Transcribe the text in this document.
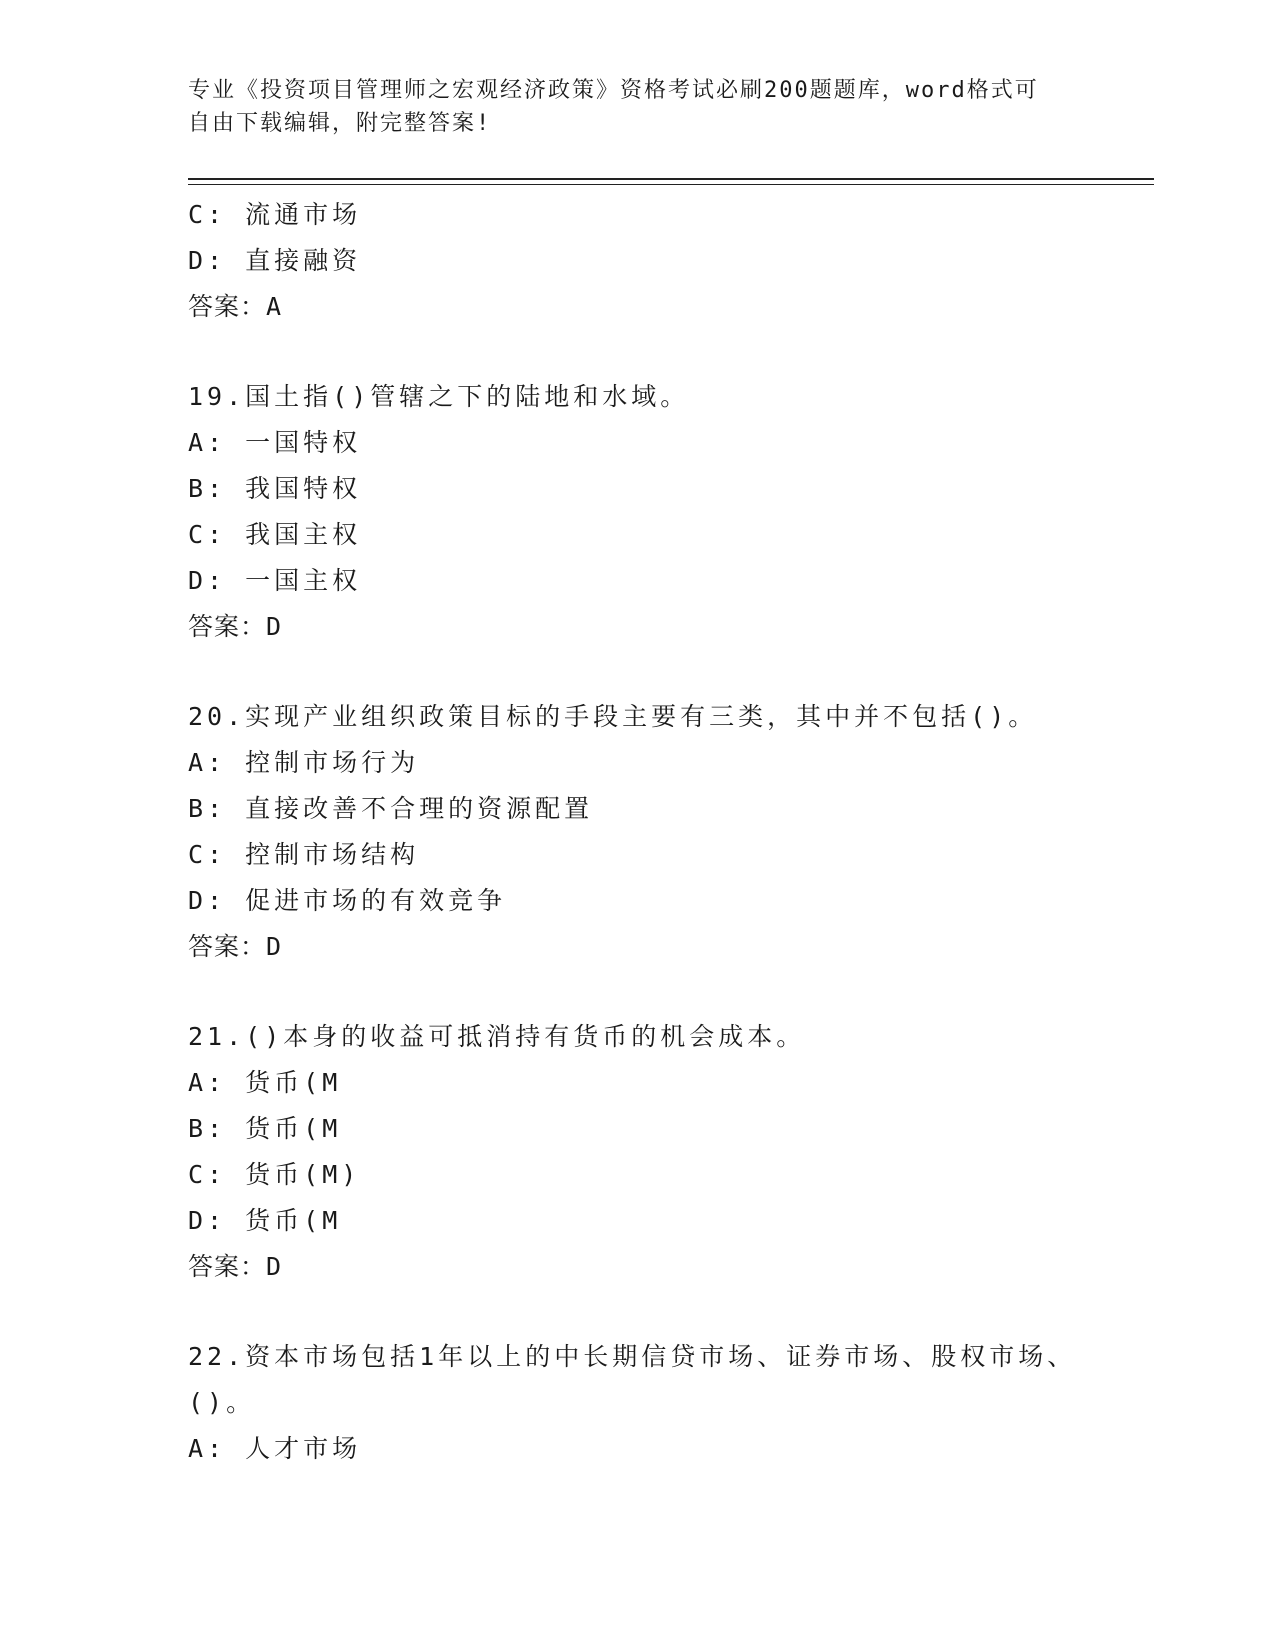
专业《投资项目管理师之宏观经济政策》资格考试必刷200题题库，word格式可
自由下载编辑，附完整答案!
C: 流通市场
D: 直接融资
答案：A
19.国土指()管辖之下的陆地和水域。
A: 一国特权
B: 我国特权
C: 我国主权
D: 一国主权
答案：D
20.实现产业组织政策目标的手段主要有三类，其中并不包括()。
A: 控制市场行为
B: 直接改善不合理的资源配置
C: 控制市场结构
D: 促进市场的有效竞争
答案：D
21.()本身的收益可抵消持有货币的机会成本。
A: 货币(M
B: 货币(M
C: 货币(M)
D: 货币(M
答案：D
22.资本市场包括1年以上的中长期信贷市场、证券市场、股权市场、
()。
A: 人才市场
